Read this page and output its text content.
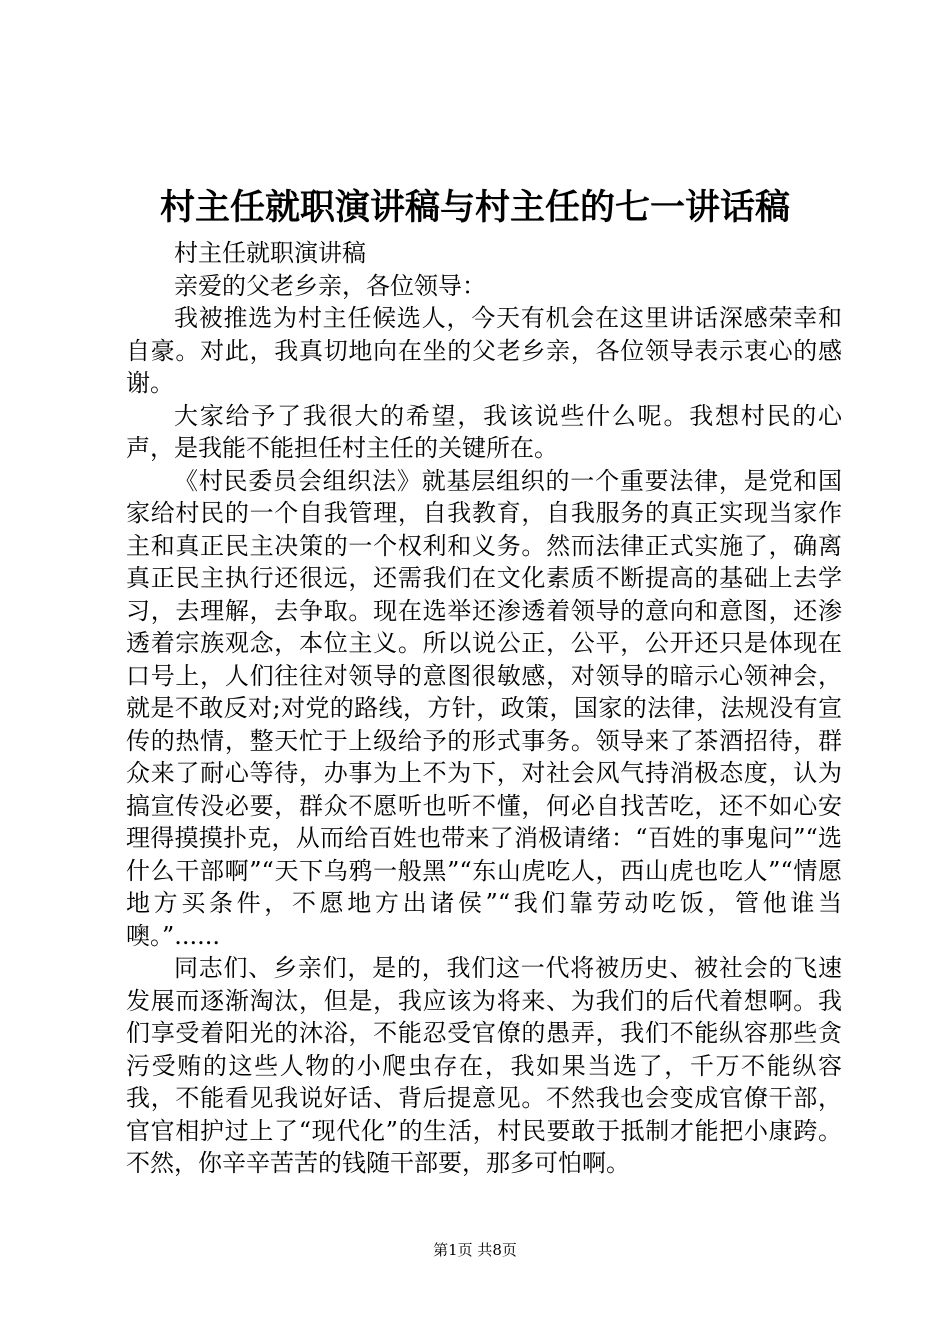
村主任就职演讲稿与村主任的七一讲话稿

村主任就职演讲稿

亲爱的父老乡亲，各位领导：

我被推选为村主任候选人，今天有机会在这里讲话深感荣幸和自豪。对此，我真切地向在坐的父老乡亲，各位领导表示衷心的感谢。

大家给予了我很大的希望，我该说些什么呢。我想村民的心声，是我能不能担任村主任的关键所在。

《村民委员会组织法》就基层组织的一个重要法律，是党和国家给村民的一个自我管理，自我教育，自我服务的真正实现当家作主和真正民主决策的一个权利和义务。然而法律正式实施了，确离真正民主执行还很远，还需我们在文化素质不断提高的基础上去学习，去理解，去争取。现在选举还渗透着领导的意向和意图，还渗透着宗族观念，本位主义。所以说公正，公平，公开还只是体现在口号上，人们往往对领导的意图很敏感，对领导的暗示心领神会，就是不敢反对;对党的路线，方针，政策，国家的法律，法规没有宣传的热情，整天忙于上级给予的形式事务。领导来了茶酒招待，群众来了耐心等待，办事为上不为下，对社会风气持消极态度，认为搞宣传没必要，群众不愿听也听不懂，何必自找苦吃，还不如心安理得摸摸扑克，从而给百姓也带来了消极请绪：“百姓的事鬼问”“选什么干部啊”“天下乌鸦一般黑”“东山虎吃人，西山虎也吃人”“情愿地方买条件，不愿地方出诸侯”“我们靠劳动吃饭，管他谁当噢。”......

同志们、乡亲们，是的，我们这一代将被历史、被社会的飞速发展而逐渐淘汰，但是，我应该为将来、为我们的后代着想啊。我们享受着阳光的沐浴，不能忍受官僚的愚弄，我们不能纵容那些贪污受贿的这些人物的小爬虫存在，我如果当选了，千万不能纵容我，不能看见我说好话、背后提意见。不然我也会变成官僚干部，官官相护过上了“现代化”的生活，村民要敢于抵制才能把小康跨。不然，你辛辛苦苦的钱随干部要，那多可怕啊。

第1页 共8页
